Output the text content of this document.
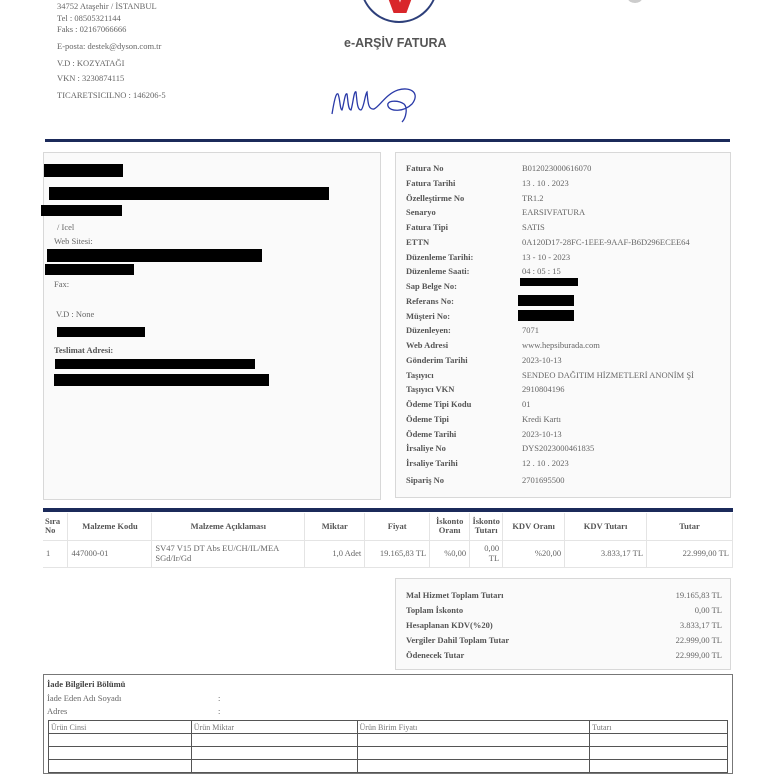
34752 Ataşehir / İSTANBUL
Tel : 08505321144
Faks : 02167066666
E-posta: destek@dyson.com.tr
V.D : KOZYATAĞI
VKN : 3230874115
TICARETSICILNO : 146206-5
e-ARŞİV FATURA
/ Icel
Web Sitesi:
Fax:
V.D : None
Teslimat Adresi:
Fatura No	B012023000616070
Fatura Tarihi	13 . 10 . 2023
Özelleştirme No	TR1.2
Senaryo	EARSIVFATURA
Fatura Tipi	SATIS
ETTN	0A120D17-28FC-1EEE-9AAF-B6D296ECEE64
Düzenleme Tarihi:	13 - 10 - 2023
Düzenleme Saati:	04 : 05 : 15
Sap Belge No:
Referans No:
Müşteri No:
Düzenleyen:	7071
Web Adresi	www.hepsiburada.com
Gönderim Tarihi	2023-10-13
Taşıyıcı	SENDEO DAĞITIM HİZMETLERİ ANONİM Şİ
Taşıyıcı VKN	2910804196
Ödeme Tipi Kodu	01
Ödeme Tipi	Kredi Kartı
Ödeme Tarihi	2023-10-13
İrsaliye No	DYS2023000461835
İrsaliye Tarihi	12 . 10 . 2023
Sipariş No	2701695500
Sıra No	Malzeme Kodu	Malzeme Açıklaması	Miktar	Fiyat	İskonto Oranı	İskonto Tutarı	KDV Oranı	KDV Tutarı	Tutar
1	447000-01	SV47 V15 DT Abs EU/CH/IL/MEA SGd/Ir/Gd	1,0 Adet	19.165,83 TL	%0,00	0,00 TL	%20,00	3.833,17 TL	22.999,00 TL
Mal Hizmet Toplam Tutarı	19.165,83 TL
Toplam İskonto	0,00 TL
Hesaplanan KDV(%20)	3.833,17 TL
Vergiler Dahil Toplam Tutar	22.999,00 TL
Ödenecek Tutar	22.999,00 TL
İade Bilgileri Bölümü
İade Eden Adı Soyadı	:
Adres	:
Ürün Cinsi	Ürün Miktar	Ürün Birim Fiyatı	Tutarı
